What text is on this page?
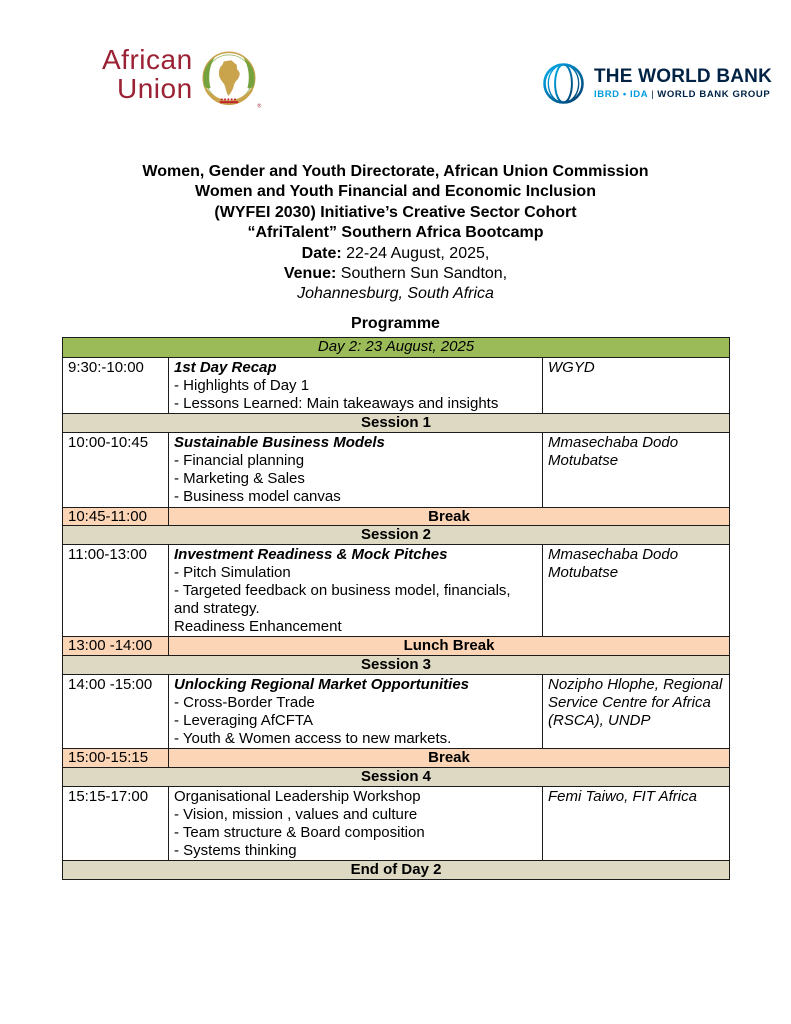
African
Union
®
THE WORLD BANK
IBRD • IDA | WORLD BANK GROUP
Women, Gender and Youth Directorate, African Union Commission
Women and Youth Financial and Economic Inclusion
(WYFEI 2030) Initiative’s Creative Sector Cohort
“AfriTalent” Southern Africa Bootcamp
Date: 22-24 August, 2025,
Venue: Southern Sun Sandton,
Johannesburg, South Africa
Programme
Day 2: 23 August, 2025		
9:30:-10:00	1st Day Recap
- Highlights of Day 1
- Lessons Learned: Main takeaways and insights	WGYD
Session 1		
10:00-10:45	Sustainable Business Models
- Financial planning
- Marketing & Sales
- Business model canvas	Mmasechaba Dodo Motubatse
10:45-11:00	Break	
Session 2		
11:00-13:00	Investment Readiness & Mock Pitches
- Pitch Simulation
- Targeted feedback on business model, financials, and strategy.
Readiness Enhancement	Mmasechaba Dodo Motubatse
13:00 -14:00	Lunch Break	
Session 3		
14:00 -15:00	Unlocking Regional Market Opportunities
- Cross-Border Trade
- Leveraging AfCFTA
- Youth & Women access to new markets.	Nozipho Hlophe, Regional Service Centre for Africa (RSCA), UNDP
15:00-15:15	Break	
Session 4		
15:15-17:00	Organisational Leadership Workshop
- Vision, mission , values and culture
- Team structure & Board composition
- Systems thinking	Femi Taiwo, FIT Africa
End of Day 2		
